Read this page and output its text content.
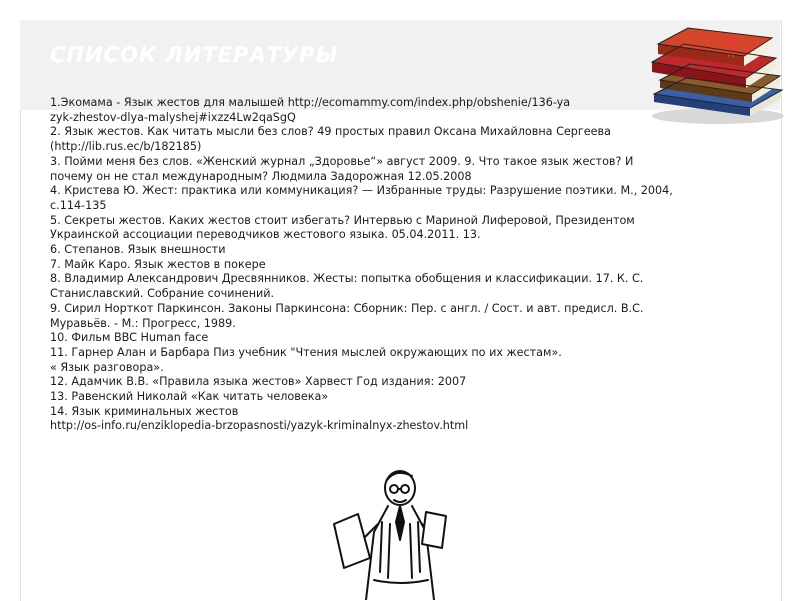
СПИСОК ЛИТЕРАТУРЫ
1.Экомама - Язык жестов для малышей http://ecomammy.com/index.php/obshenie/136-ya
zyk-zhestov-dlya-malyshej#ixzz4Lw2qaSgQ
2. Язык жестов. Как читать мысли без слов? 49 простых правил Оксана Михайловна Сергеева
(http://lib.rus.ec/b/182185)
3. Пойми меня без слов. «Женский журнал „Здоровье“» август 2009. 9. Что такое язык жестов? И
почему он не стал международным? Людмила Задорожная 12.05.2008
4. Кристева Ю. Жест: практика или коммуникация? — Избранные труды: Разрушение поэтики. М., 2004,
с.114-135
5. Секреты жестов. Каких жестов стоит избегать? Интервью с Мариной Лиферовой, Президентом
Украинской ассоциации переводчиков жестового языка. 05.04.2011. 13.
6. Степанов. Язык внешности
7. Майк Каро. Язык жестов в покере
8. Владимир Александрович Дресвянников. Жесты: попытка обобщения и классификации. 17. К. С.
Станиславский. Собрание сочинений.
9. Сирил Норткот Паркинсон. Законы Паркинсона: Сборник: Пер. с англ. / Сост. и авт. предисл. В.С.
Муравьёв. - М.: Прогресс, 1989.
10. Фильм BBC Human face
11. Гарнер Алан и Барбара Пиз учебник "Чтения мыслей окружающих по их жестам».
« Язык разговора».
12. Адамчик В.В. «Правила языка жестов» Харвест Год издания: 2007
13. Равенский Николай «Как читать человека»
14. Язык криминальных жестов
http://os-info.ru/enziklopedia-brzopasnosti/yazyk-kriminalnyx-zhestov.html
